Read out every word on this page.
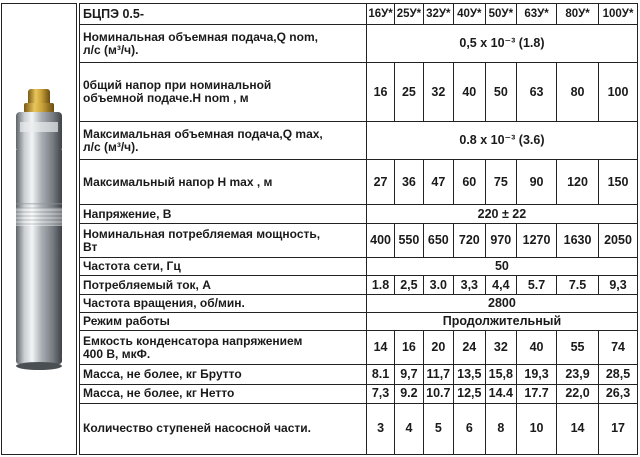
БЦПЭ 0.5-	16У*	25У*	32У*	40У*	50У*	63У*	80У*	100У*
Номинальная объемная подача,Q nom,
л/с (м³/ч).	0,5 x 10⁻³ (1.8)							
0бщий напор при номинальной
объемной подаче.H nom , м	16	25	32	40	50	63	80	100
Максимальная объемная подача,Q max,
л/с (м³/ч).	0.8 x 10⁻³ (3.6)							
Максимальный напор H max , м	27	36	47	60	75	90	120	150
Напряжение, В	220 ± 22							
Номинальная потребляемая мощность,
Вт	400	550	650	720	970	1270	1630	2050
Частота сети, Гц	50							
Потребляемый ток, А	1.8	2,5	3.0	3,3	4,4	5.7	7.5	9,3
Частота вращения, об/мин.	2800							
Режим работы	Продолжительный							
Емкость конденсатора напряжением
400 В, мкФ.	14	16	20	24	32	40	55	74
Масса, не более, кг Брутто	8.1	9,7	11,7	13,5	15,8	19,3	23,9	28,5
Масса, не более, кг Нетто	7,3	9.2	10.7	12,5	14.4	17.7	22,0	26,3
Количество ступеней насосной части.	3	4	5	6	8	10	14	17
